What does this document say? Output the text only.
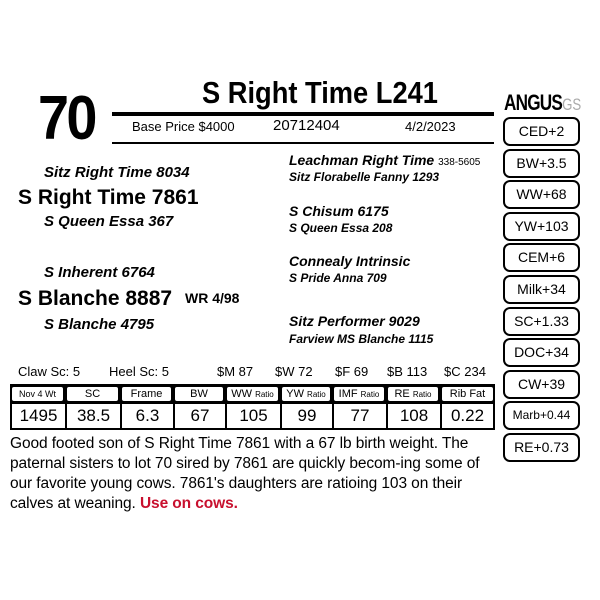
70	S Right Time L241
Base Price $4000	20712404	4/2/2023
ANGUSGS
CED+2
BW+3.5
WW+68
YW+103
CEM+6
Milk+34
SC+1.33
DOC+34
CW+39
Marb+0.44
RE+0.73
Sitz Right Time 8034
S Right Time 7861
S Queen Essa 367
S Inherent 6764
S Blanche 8887 WR 4/98
S Blanche 4795
Leachman Right Time 338-5605
Sitz Florabelle Fanny 1293
S Chisum 6175
S Queen Essa 208
Connealy Intrinsic
S Pride Anna 709
Sitz Performer 9029
Farview MS Blanche 1115
Claw Sc: 5 Heel Sc: 5	$M 87 $W 72 $F 69 $B 113 $C 234
Nov 4 Wt	SC	Frame	BW	WW Ratio	YW Ratio	IMF Ratio	RE Ratio	Rib Fat

1495	38.5	6.3	67	105	99	77	108	0.22
Good footed son of S Right Time 7861 with a 67 lb birth weight. The paternal sisters to lot 70 sired by 7861 are quickly becom-ing some of our favorite young cows. 7861's daughters are ratioing 103 on their calves at weaning. Use on cows.
